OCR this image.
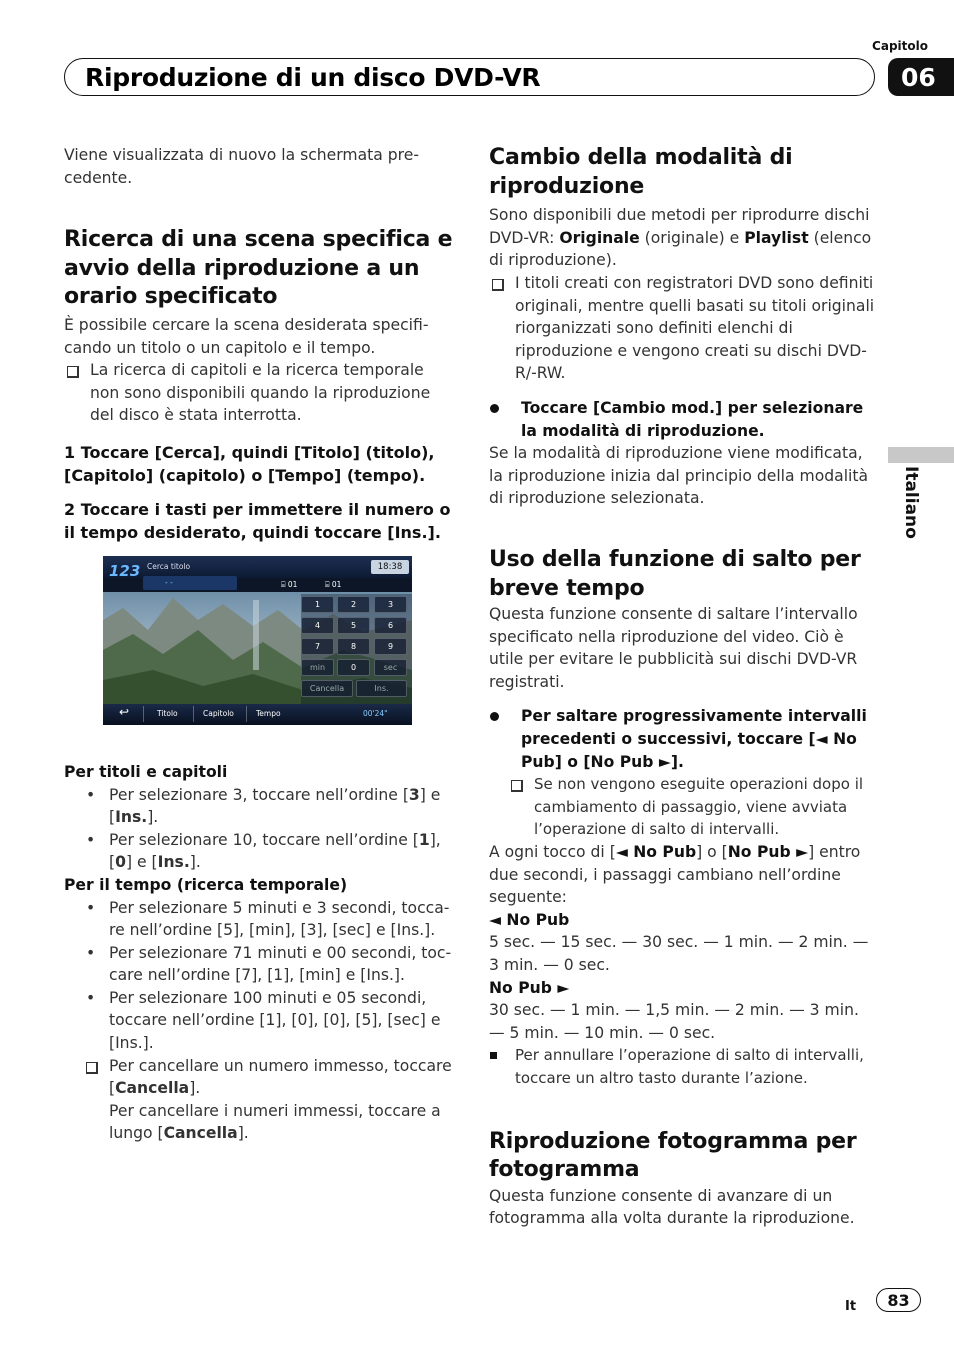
Capitolo
Riproduzione di un disco DVD-VR	06
Italiano

Viene visualizzata di nuovo la schermata precedente.

Ricerca di una scena specifica e avvio della riproduzione a un orario specificato

È possibile cercare la scena desiderata specificando un titolo o un capitolo e il tempo.

La ricerca di capitoli e la ricerca temporale non sono disponibili quando la riproduzione del disco è stata interrotta.

1 Toccare [Cerca], quindi [Titolo] (titolo), [Capitolo] (capitolo) o [Tempo] (tempo).

2 Toccare i tasti per immettere il numero o il tempo desiderato, quindi toccare [Ins.].

Per titoli e capitoli

• Per selezionare 3, toccare nell’ordine [3] e [Ins.].
• Per selezionare 10, toccare nell’ordine [1], [0] e [Ins.].

Per il tempo (ricerca temporale)

• Per selezionare 5 minuti e 3 secondi, toccare nell’ordine [5], [min], [3], [sec] e [Ins.].
• Per selezionare 71 minuti e 00 secondi, toccare nell’ordine [7], [1], [min] e [Ins.].
• Per selezionare 100 minuti e 05 secondi, toccare nell’ordine [1], [0], [0], [5], [sec] e [Ins.].

Per cancellare un numero immesso, toccare [Cancella].

Per cancellare i numeri immessi, toccare a lungo [Cancella].

123 Cerca titolo
- -	⌸ 01	⌸ 01
18:38
1	2	3
4	5	6
7	8	9
min	0	sec
Cancella	Ins.
↩	Titolo	Capitolo	Tempo	00'24"
Cambio della modalità di riproduzione

Sono disponibili due metodi per riprodurre dischi DVD-VR: Originale (originale) e Playlist (elenco di riproduzione).

I titoli creati con registratori DVD sono definiti originali, mentre quelli basati su titoli originali riorganizzati sono definiti elenchi di riproduzione e vengono creati su dischi DVD-R/-RW.

Toccare [Cambio mod.] per selezionare la modalità di riproduzione.

Se la modalità di riproduzione viene modificata, la riproduzione inizia dal principio della modalità di riproduzione selezionata.

Uso della funzione di salto per breve tempo

Questa funzione consente di saltare l’intervallo specificato nella riproduzione del video. Ciò è utile per evitare le pubblicità sui dischi DVD-VR registrati.

Per saltare progressivamente intervalli precedenti o successivi, toccare [◄ No Pub] o [No Pub ►].

Se non vengono eseguite operazioni dopo il cambiamento di passaggio, viene avviata l’operazione di salto di intervalli.

A ogni tocco di [◄ No Pub] o [No Pub ►] entro due secondi, i passaggi cambiano nell’ordine seguente:

◄ No Pub

5 sec. — 15 sec. — 30 sec. — 1 min. — 2 min. — 3 min. — 0 sec.

No Pub ►

30 sec. — 1 min. — 1,5 min. — 2 min. — 3 min. — 5 min. — 10 min. — 0 sec.

Per annullare l’operazione di salto di intervalli, toccare un altro tasto durante l’azione.

Riproduzione fotogramma per fotogramma

Questa funzione consente di avanzare di un fotogramma alla volta durante la riproduzione.

It	83
